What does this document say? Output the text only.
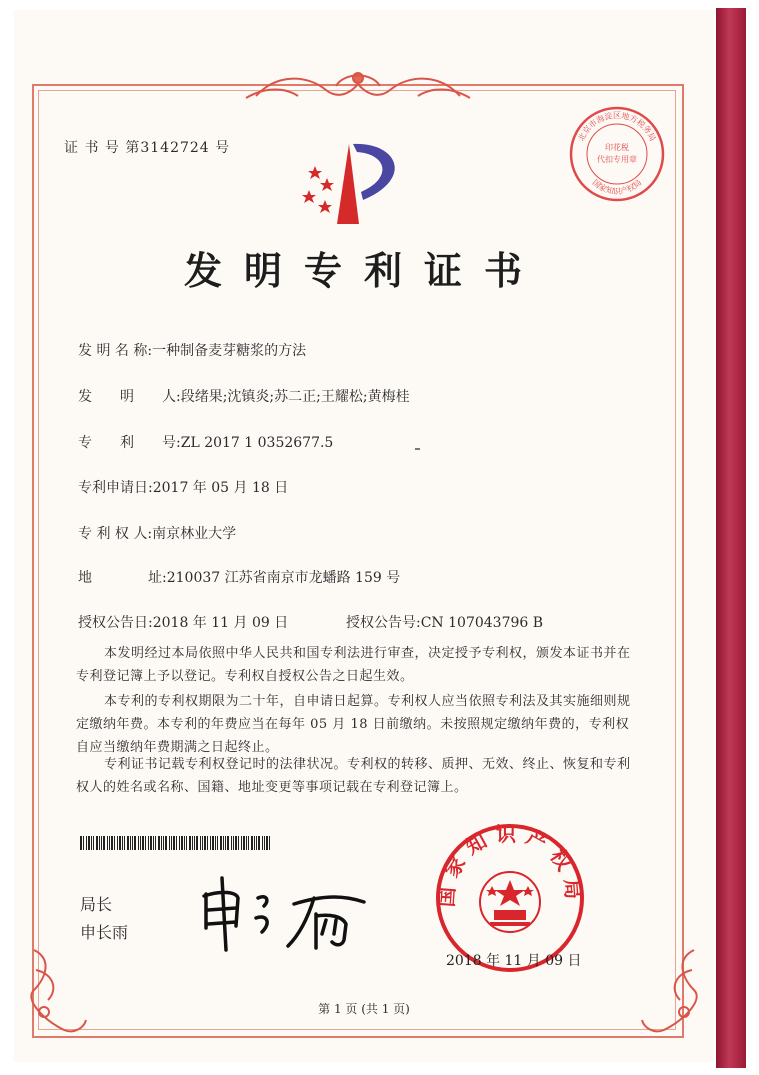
证 书 号 第3142724 号
北京市海淀区地方税务局
印花税
代扣专用章
国家知识产权局
发明专利证书
发 明 名 称:一种制备麦芽糖浆的方法
发　　明　　人:段绪果;沈镇炎;苏二正;王耀松;黄梅桂
专　　利　　号:ZL 2017 1 0352677.5
专利申请日:2017 年 05 月 18 日
专 利 权 人:南京林业大学
地　　　　址:210037 江苏省南京市龙蟠路 159 号
授权公告日:2018 年 11 月 09 日	授权公告号:CN 107043796 B
本发明经过本局依照中华人民共和国专利法进行审查，决定授予专利权，颁发本证书并在专利登记簿上予以登记。专利权自授权公告之日起生效。
本专利的专利权期限为二十年，自申请日起算。专利权人应当依照专利法及其实施细则规定缴纳年费。本专利的年费应当在每年 05 月 18 日前缴纳。未按照规定缴纳年费的，专利权自应当缴纳年费期满之日起终止。
专利证书记载专利权登记时的法律状况。专利权的转移、质押、无效、终止、恢复和专利权人的姓名或名称、国籍、地址变更等事项记载在专利登记簿上。
局长
申长雨
国家知识产权局
2018 年 11 月 09 日
第 1 页 (共 1 页)
